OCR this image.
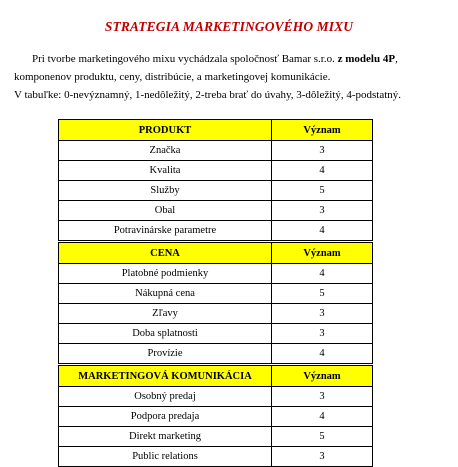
STRATEGIA MARKETINGOVÉHO MIXU

Pri tvorbe marketingového mixu vychádzala spoločnosť Bamar s.r.o. z modelu 4P,

komponenov produktu, ceny, distribúcie, a marketingovej komunikácie.

V tabuľke: 0-nevýznamný, 1-nedôležitý, 2-treba brať do úvahy, 3-dôležitý, 4-podstatný.

PRODUKT	Význam
Značka	3
Kvalita	4
Služby	5
Obal	3
Potravinárske parametre	4

CENA	Význam
Platobné podmienky	4
Nákupná cena	5
Zľavy	3
Doba splatnosti	3
Provízie	4

MARKETINGOVÁ KOMUNIKÁCIA	Význam
Osobný predaj	3
Podpora predaja	4
Direkt marketing	5
Public relations	3
